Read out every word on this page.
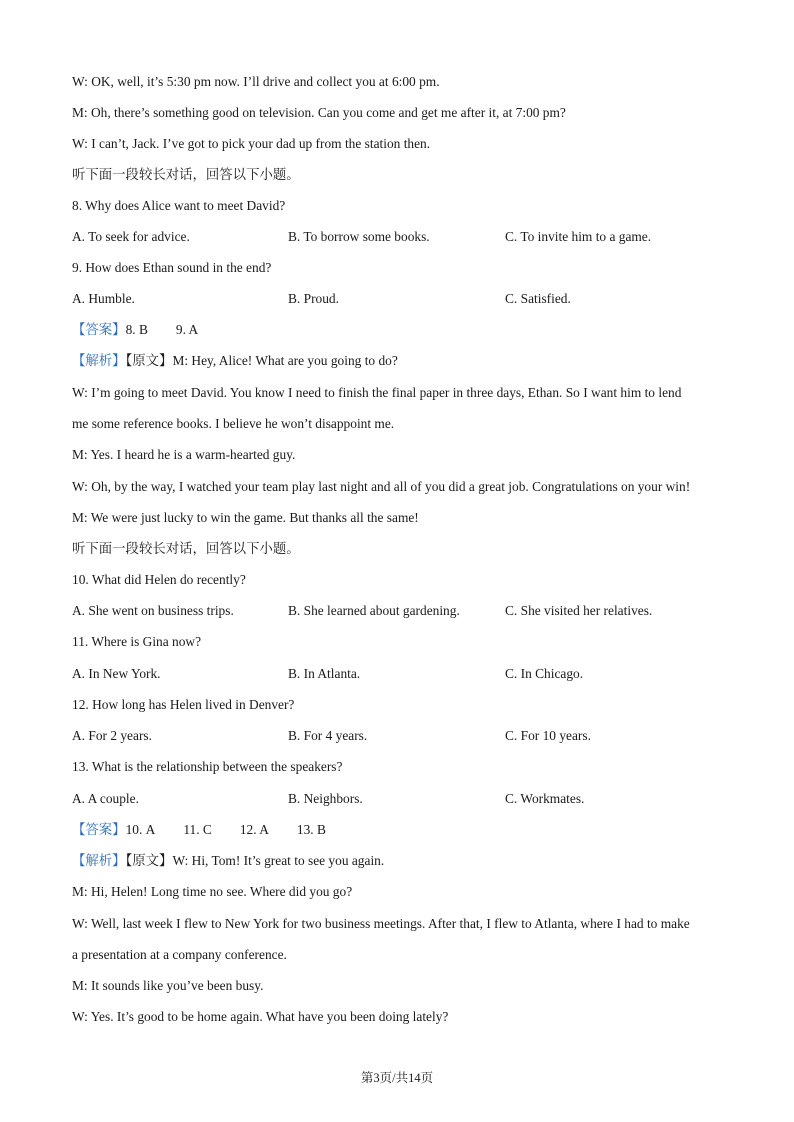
W: OK, well, it’s 5:30 pm now. I’ll drive and collect you at 6:00 pm.
M: Oh, there’s something good on television. Can you come and get me after it, at 7:00 pm?
W: I can’t, Jack. I’ve got to pick your dad up from the station then.
听下面一段较长对话，回答以下小题。
8. Why does Alice want to meet David?
A. To seek for advice.	B. To borrow some books.	C. To invite him to a game.
9. How does Ethan sound in the end?
A. Humble.	B. Proud.	C. Satisfied.
【答案】8. B 9. A
【解析】【原文】M: Hey, Alice! What are you going to do?
W: I’m going to meet David. You know I need to finish the final paper in three days, Ethan. So I want him to lend
me some reference books. I believe he won’t disappoint me.
M: Yes. I heard he is a warm-hearted guy.
W: Oh, by the way, I watched your team play last night and all of you did a great job. Congratulations on your win!
M: We were just lucky to win the game. But thanks all the same!
听下面一段较长对话，回答以下小题。
10. What did Helen do recently?
A. She went on business trips.	B. She learned about gardening.	C. She visited her relatives.
11. Where is Gina now?
A. In New York.	B. In Atlanta.	C. In Chicago.
12. How long has Helen lived in Denver?
A. For 2 years.	B. For 4 years.	C. For 10 years.
13. What is the relationship between the speakers?
A. A couple.	B. Neighbors.	C. Workmates.
【答案】10. A 11. C 12. A 13. B
【解析】【原文】W: Hi, Tom! It’s great to see you again.
M: Hi, Helen! Long time no see. Where did you go?
W: Well, last week I flew to New York for two business meetings. After that, I flew to Atlanta, where I had to make
a presentation at a company conference.
M: It sounds like you’ve been busy.
W: Yes. It’s good to be home again. What have you been doing lately?
第3页/共14页
